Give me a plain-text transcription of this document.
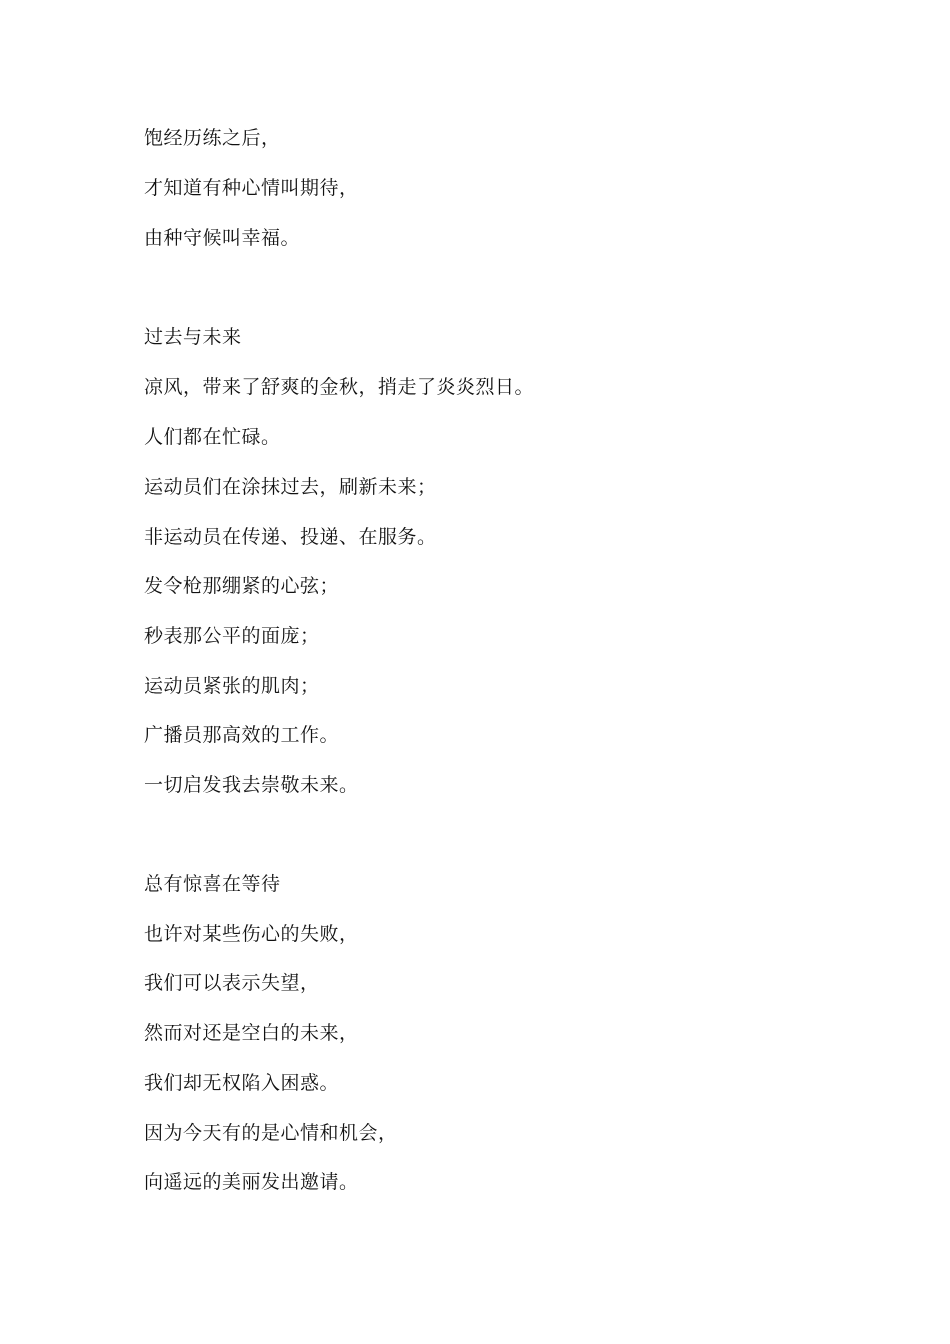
饱经历练之后，
才知道有种心情叫期待，
由种守候叫幸福。
过去与未来
凉风，带来了舒爽的金秋，捎走了炎炎烈日。
人们都在忙碌。
运动员们在涂抹过去，刷新未来；
非运动员在传递、投递、在服务。
发令枪那绷紧的心弦；
秒表那公平的面庞；
运动员紧张的肌肉；
广播员那高效的工作。
一切启发我去崇敬未来。
总有惊喜在等待
也许对某些伤心的失败，
我们可以表示失望，
然而对还是空白的未来，
我们却无权陷入困惑。
因为今天有的是心情和机会，
向遥远的美丽发出邀请。
